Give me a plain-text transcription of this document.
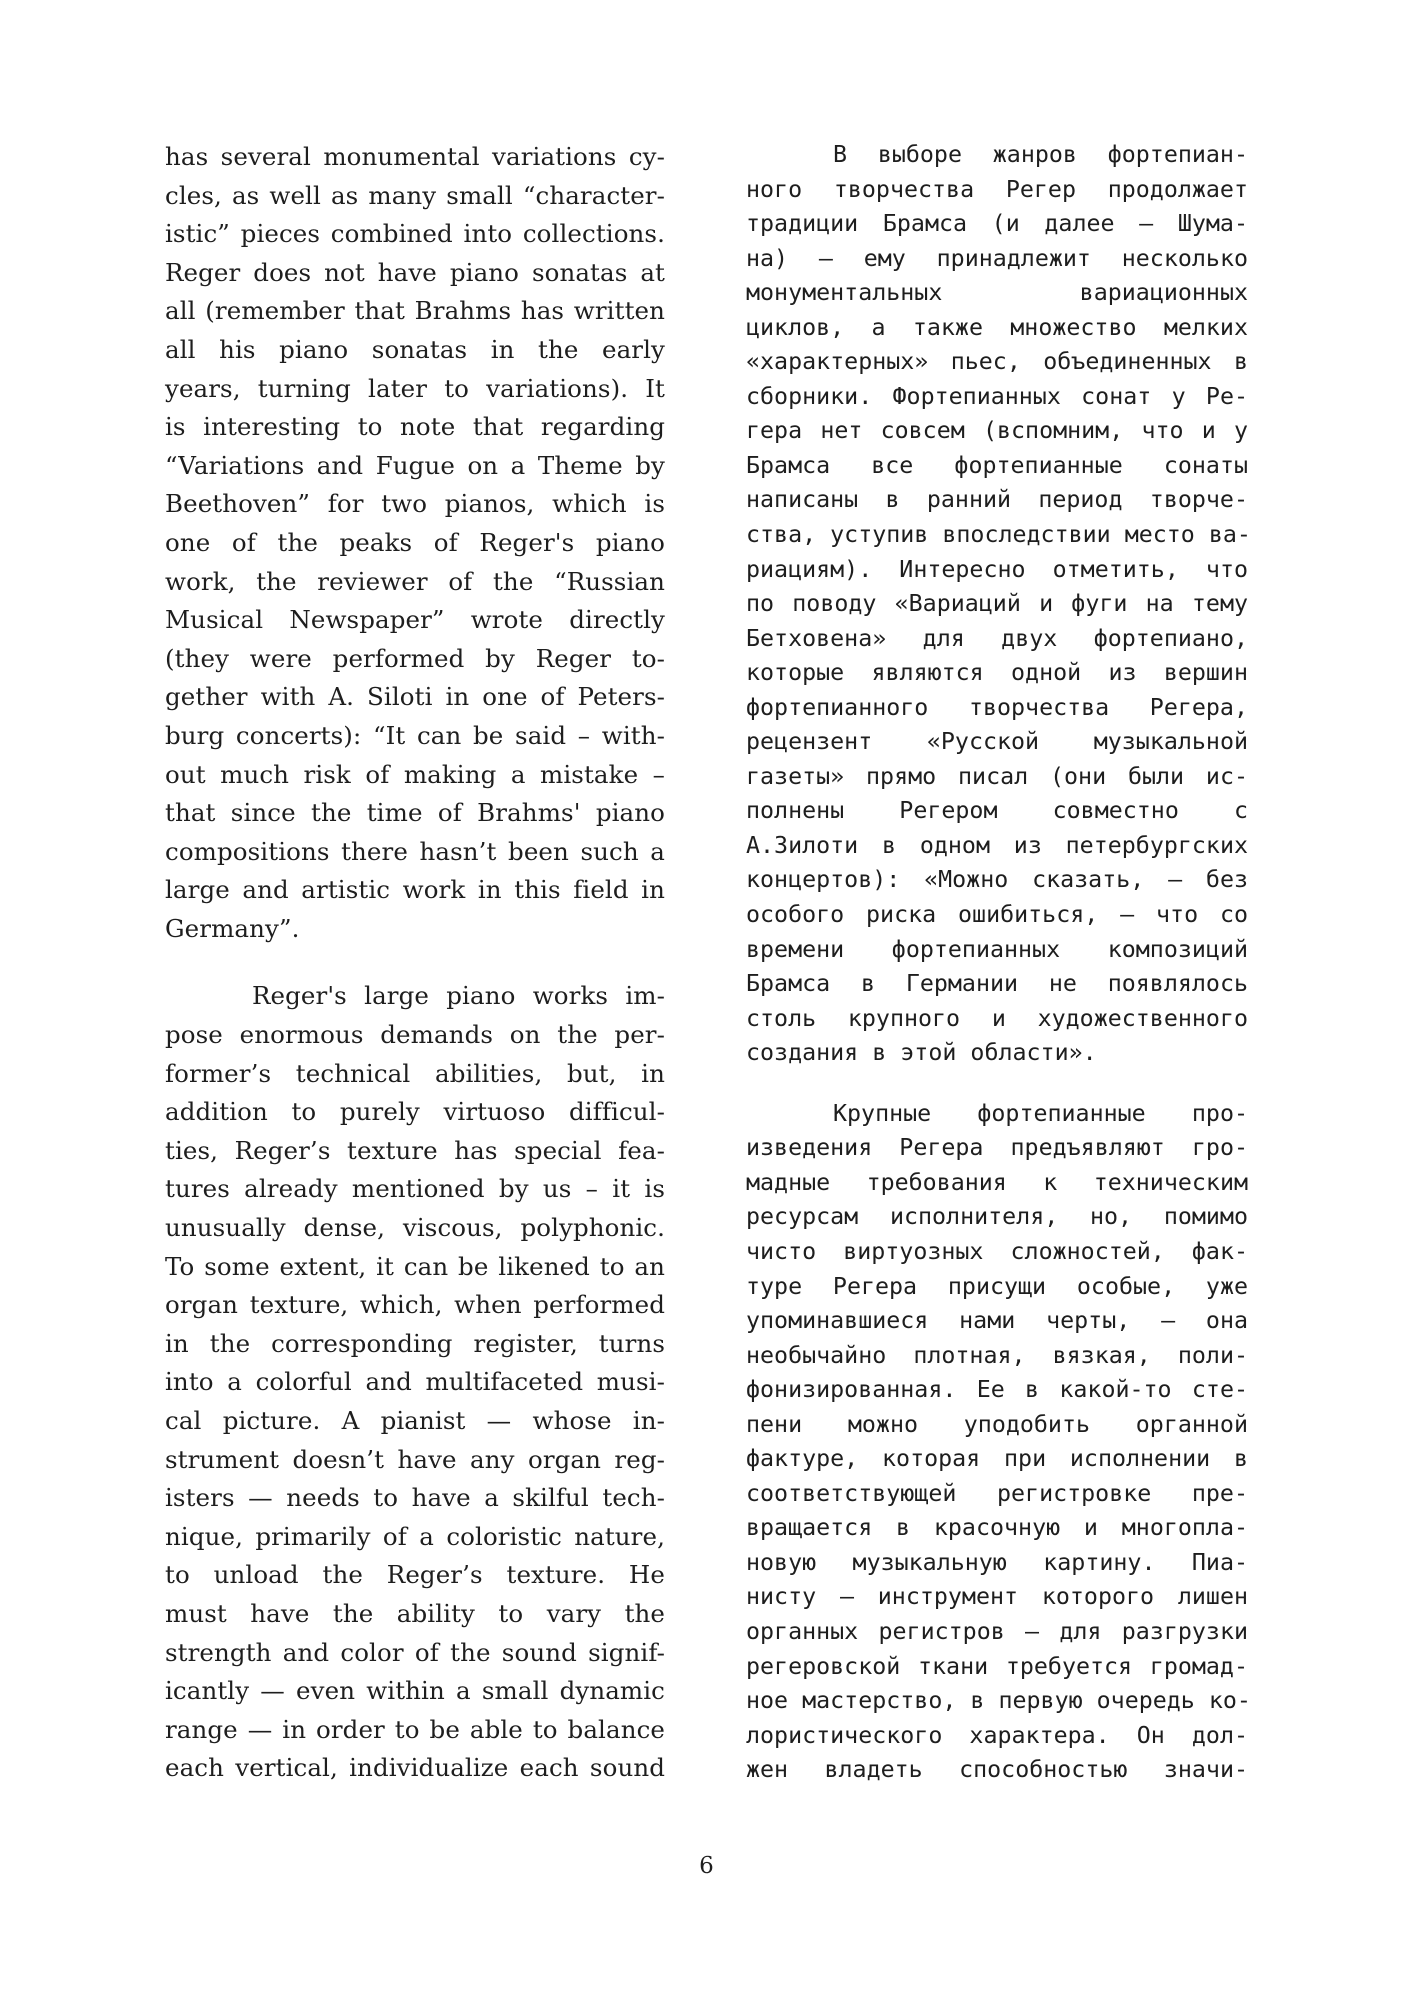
has several monumental variations cy-
cles, as well as many small “character-
istic” pieces combined into collections.
Reger does not have piano sonatas at
all (remember that Brahms has written
all his piano sonatas in the early
years, turning later to variations). It
is interesting to note that regarding
“Variations and Fugue on a Theme by
Beethoven” for two pianos, which is
one of the peaks of Reger's piano
work, the reviewer of the “Russian
Musical Newspaper” wrote directly
(they were performed by Reger to-
gether with A. Siloti in one of Peters-
burg concerts): “It can be said – with-
out much risk of making a mistake –
that since the time of Brahms' piano
compositions there hasn’t been such a
large and artistic work in this field in
Germany”.
Reger's large piano works im-
pose enormous demands on the per-
former’s technical abilities, but, in
addition to purely virtuoso difficul-
ties, Reger’s texture has special fea-
tures already mentioned by us – it is
unusually dense, viscous, polyphonic.
To some extent, it can be likened to an
organ texture, which, when performed
in the corresponding register, turns
into a colorful and multifaceted musi-
cal picture. A pianist — whose in-
strument doesn’t have any organ reg-
isters — needs to have a skilful tech-
nique, primarily of a coloristic nature,
to unload the Reger’s texture. He
must have the ability to vary the
strength and color of the sound signif-
icantly — even within a small dynamic
range — in order to be able to balance
each vertical, individualize each sound
В выборе жанров фортепиан-
ного творчества Регер продолжает
традиции Брамса (и далее — Шума-
на) — ему принадлежит несколько
монументальных вариационных
циклов, а также множество мелких
«характерных» пьес, объединенных в
сборники. Фортепианных сонат у Ре-
гера нет совсем (вспомним, что и у
Брамса все фортепианные сонаты
написаны в ранний период творче-
ства, уступив впоследствии место ва-
риациям). Интересно отметить, что
по поводу «Вариаций и фуги на тему
Бетховена» для двух фортепиано,
которые являются одной из вершин
фортепианного творчества Регера,
рецензент «Русской музыкальной
газеты» прямо писал (они были ис-
полнены Регером совместно с
А.Зилоти в одном из петербургских
концертов): «Можно сказать, — без
особого риска ошибиться, — что со
времени фортепианных композиций
Брамса в Германии не появлялось
столь крупного и художественного
создания в этой области».
Крупные фортепианные про-
изведения Регера предъявляют гро-
мадные требования к техническим
ресурсам исполнителя, но, помимо
чисто виртуозных сложностей, фак-
туре Регера присущи особые, уже
упоминавшиеся нами черты, — она
необычайно плотная, вязкая, поли-
фонизированная. Ее в какой-то сте-
пени можно уподобить органной
фактуре, которая при исполнении в
соответствующей регистровке пре-
вращается в красочную и многопла-
новую музыкальную картину. Пиа-
нисту — инструмент которого лишен
органных регистров — для разгрузки
регеровской ткани требуется громад-
ное мастерство, в первую очередь ко-
лористического характера. Он дол-
жен владеть способностью значи-
6
